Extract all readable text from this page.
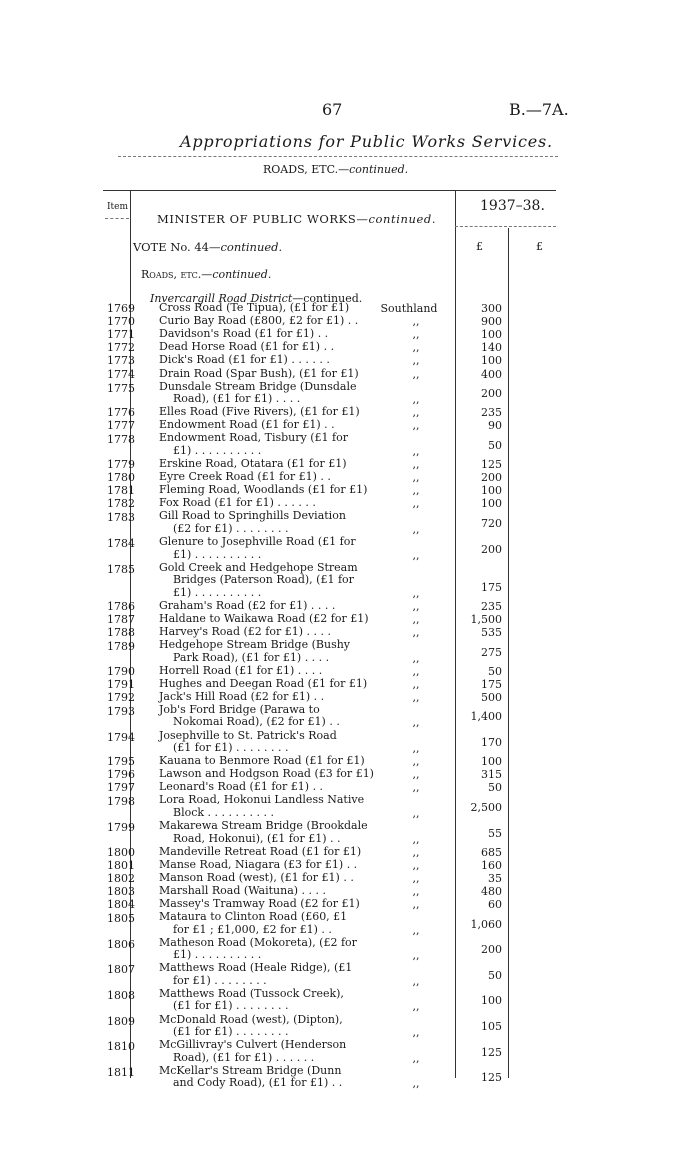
67	B.—7A.
Appropriations for Public Works Services.
ROADS, ETC.—continued.
Item	1937–38.
MINISTER OF PUBLIC WORKS—continued.
VOTE No. 44—continued.	£	£
Roads, etc.—continued.
Invercargill Road District—continued.
1769 Cross Road (Te Tipua), (£1 for £1)	Southland	300
1770 Curio Bay Road (£800, £2 for £1) . .	,,	900
1771 Davidson's Road (£1 for £1) . .	,,	100
1772 Dead Horse Road (£1 for £1) . .	,,	140
1773 Dick's Road (£1 for £1) . . . . . .	,,	100
1774 Drain Road (Spar Bush), (£1 for £1)	,,	400
1775 Dunsdale Stream Bridge (Dunsdale
Road), (£1 for £1) . . . .	,,	200
1776 Elles Road (Five Rivers), (£1 for £1)	,,	235
1777 Endowment Road (£1 for £1) . .	,,	90
1778 Endowment Road, Tisbury (£1 for
£1) . . . . . . . . . .	,,	50
1779 Erskine Road, Otatara (£1 for £1)	,,	125
1780 Eyre Creek Road (£1 for £1) . .	,,	200
1781 Fleming Road, Woodlands (£1 for £1)	,,	100
1782 Fox Road (£1 for £1) . . . . . .	,,	100
1783 Gill Road to Springhills Deviation
(£2 for £1) . . . . . . . .	,,	720
1784 Glenure to Josephville Road (£1 for
£1) . . . . . . . . . .	,,	200
1785 Gold Creek and Hedgehope Stream
Bridges (Paterson Road), (£1 for
£1) . . . . . . . . . .	,,	175
1786 Graham's Road (£2 for £1) . . . .	,,	235
1787 Haldane to Waikawa Road (£2 for £1)	,,	1,500
1788 Harvey's Road (£2 for £1) . . . .	,,	535
1789 Hedgehope Stream Bridge (Bushy
Park Road), (£1 for £1) . . . .	,,	275
1790 Horrell Road (£1 for £1) . . . .	,,	50
1791 Hughes and Deegan Road (£1 for £1)	,,	175
1792 Jack's Hill Road (£2 for £1) . .	,,	500
1793 Job's Ford Bridge (Parawa to
Nokomai Road), (£2 for £1) . .	,,	1,400
1794 Josephville to St. Patrick's Road
(£1 for £1) . . . . . . . .	,,	170
1795 Kauana to Benmore Road (£1 for £1)	,,	100
1796 Lawson and Hodgson Road (£3 for £1)	,,	315
1797 Leonard's Road (£1 for £1) . .	,,	50
1798 Lora Road, Hokonui Landless Native
Block . . . . . . . . . .	,,	2,500
1799 Makarewa Stream Bridge (Brookdale
Road, Hokonui), (£1 for £1) . .	,,	55
1800 Mandeville Retreat Road (£1 for £1)	,,	685
1801 Manse Road, Niagara (£3 for £1) . .	,,	160
1802 Manson Road (west), (£1 for £1) . .	,,	35
1803 Marshall Road (Waituna) . . . .	,,	480
1804 Massey's Tramway Road (£2 for £1)	,,	60
1805 Mataura to Clinton Road (£60, £1
for £1 ; £1,000, £2 for £1) . .	,,	1,060
1806 Matheson Road (Mokoreta), (£2 for
£1) . . . . . . . . . .	,,	200
1807 Matthews Road (Heale Ridge), (£1
for £1) . . . . . . . .	,,	50
1808 Matthews Road (Tussock Creek),
(£1 for £1) . . . . . . . .	,,	100
1809 McDonald Road (west), (Dipton),
(£1 for £1) . . . . . . . .	,,	105
1810 McGillivray's Culvert (Henderson
Road), (£1 for £1) . . . . . .	,,	125
1811 McKellar's Stream Bridge (Dunn
and Cody Road), (£1 for £1) . .	,,	125
